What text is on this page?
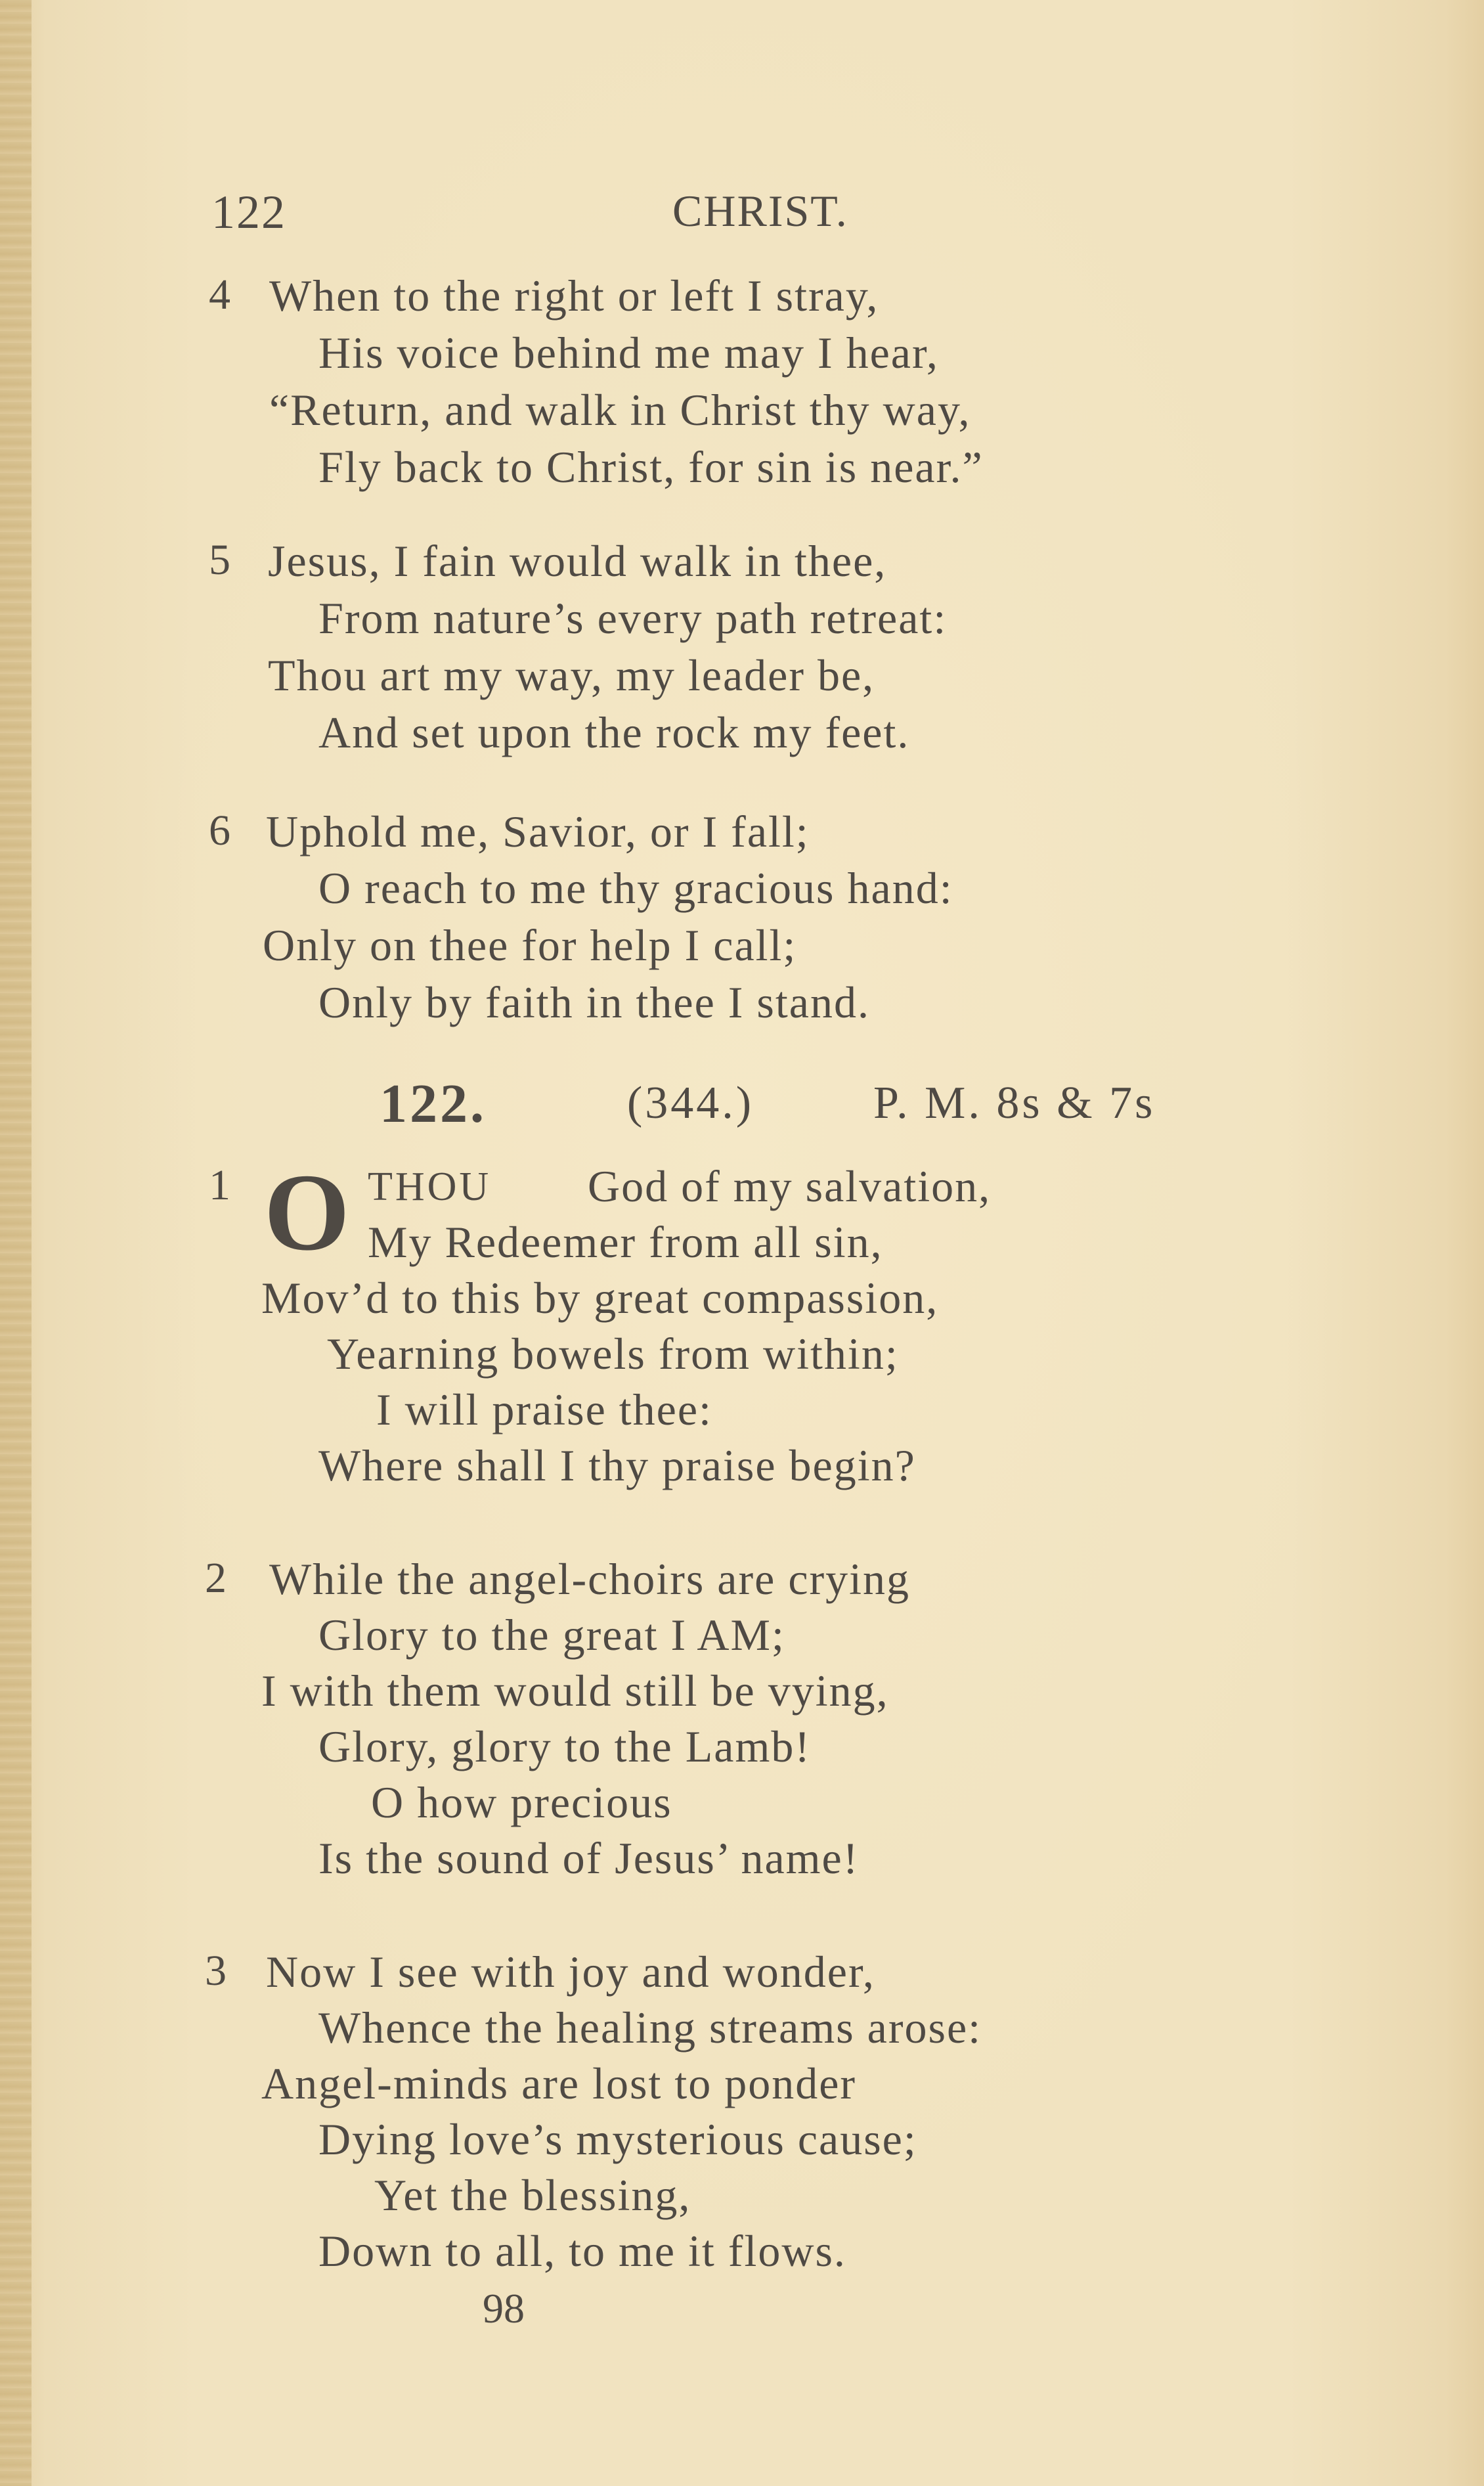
122	CHRIST.
4 When to the right or left I stray,
His voice behind me may I hear,
“Return, and walk in Christ thy way,
Fly back to Christ, for sin is near.”
5 Jesus, I fain would walk in thee,
From nature’s every path retreat:
Thou art my way, my leader be,
And set upon the rock my feet.
6 Uphold me, Savior, or I fall;
O reach to me thy gracious hand:
Only on thee for help I call;
Only by faith in thee I stand.
122.	(344.)	P. M. 8s & 7s
1 O THOU God of my salvation,
My Redeemer from all sin,
Mov’d to this by great compassion,
Yearning bowels from within;
I will praise thee:
Where shall I thy praise begin?
2 While the angel-choirs are crying
Glory to the great I AM;
I with them would still be vying,
Glory, glory to the Lamb!
O how precious
Is the sound of Jesus’ name!
3 Now I see with joy and wonder,
Whence the healing streams arose:
Angel-minds are lost to ponder
Dying love’s mysterious cause;
Yet the blessing,
Down to all, to me it flows.
98
